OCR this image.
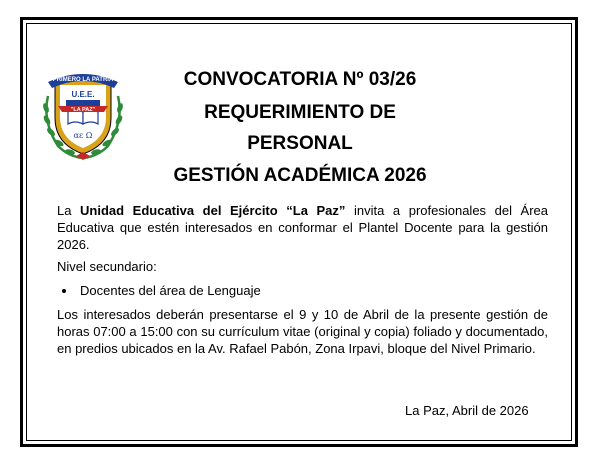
PRIMERO LA PATRIA
U.E.E.
"LA PAZ"
αε Ω
CONVOCATORIA Nº 03/26
REQUERIMIENTO DE
PERSONAL
GESTIÓN ACADÉMICA 2026
La Unidad Educativa del Ejército “La Paz” invita a profesionales del Área Educativa que estén interesados en conformar el Plantel Docente para la gestión 2026.
Nivel secundario:
Docentes del área de Lenguaje
Los interesados deberán presentarse el 9 y 10 de Abril de la presente gestión de horas 07:00 a 15:00 con su currículum vitae (original y copia) foliado y documentado, en predios ubicados en la Av. Rafael Pabón, Zona Irpavi, bloque del Nivel Primario.
La Paz, Abril de 2026
